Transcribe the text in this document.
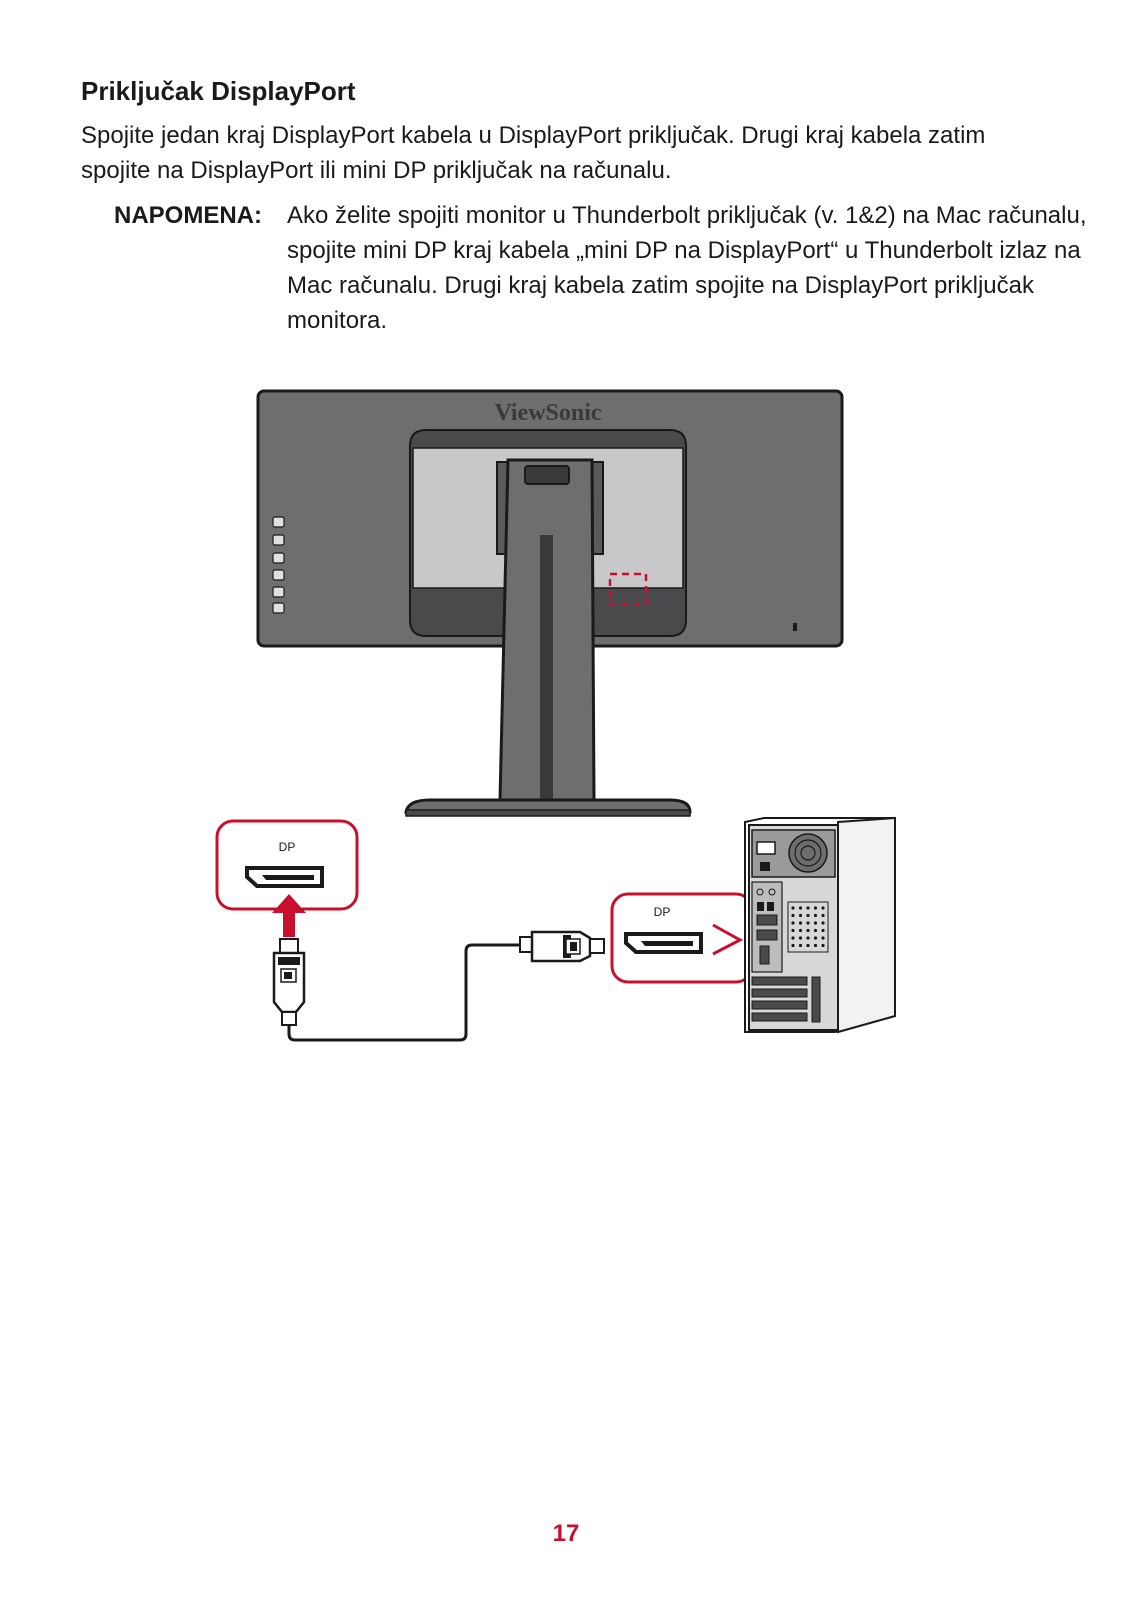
Priključak DisplayPort

Spojite jedan kraj DisplayPort kabela u DisplayPort priključak. Drugi kraj kabela zatim spojite na DisplayPort ili mini DP priključak na računalu.

NAPOMENA: Ako želite spojiti monitor u Thunderbolt priključak (v. 1&2) na Mac računalu, spojite mini DP kraj kabela „mini DP na DisplayPort“ u Thunderbolt izlaz na Mac računalu. Drugi kraj kabela zatim spojite na DisplayPort priključak monitora.

ViewSonic
DP
DP
17
